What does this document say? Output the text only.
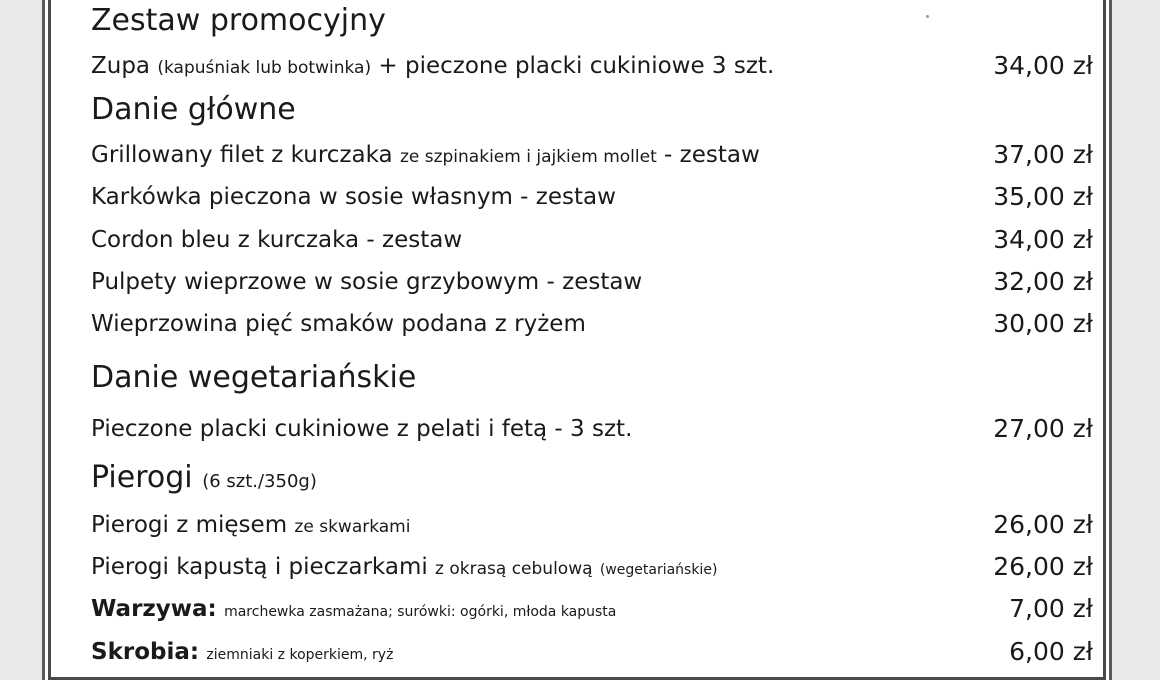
Zestaw promocyjny
Zupa (kapuśniak lub botwinka) + pieczone placki cukiniowe 3 szt.	34,00 zł
Danie główne
Grillowany filet z kurczaka ze szpinakiem i jajkiem mollet - zestaw	37,00 zł
Karkówka pieczona w sosie własnym - zestaw	35,00 zł
Cordon bleu z kurczaka - zestaw	34,00 zł
Pulpety wieprzowe w sosie grzybowym - zestaw	32,00 zł
Wieprzowina pięć smaków podana z ryżem	30,00 zł
Danie wegetariańskie
Pieczone placki cukiniowe z pelati i fetą - 3 szt.	27,00 zł
Pierogi (6 szt./350g)
Pierogi z mięsem ze skwarkami	26,00 zł
Pierogi kapustą i pieczarkami z okrasą cebulową (wegetariańskie)	26,00 zł
Warzywa: marchewka zasmażana; surówki: ogórki, młoda kapusta	7,00 zł
Skrobia: ziemniaki z koperkiem, ryż	6,00 zł
